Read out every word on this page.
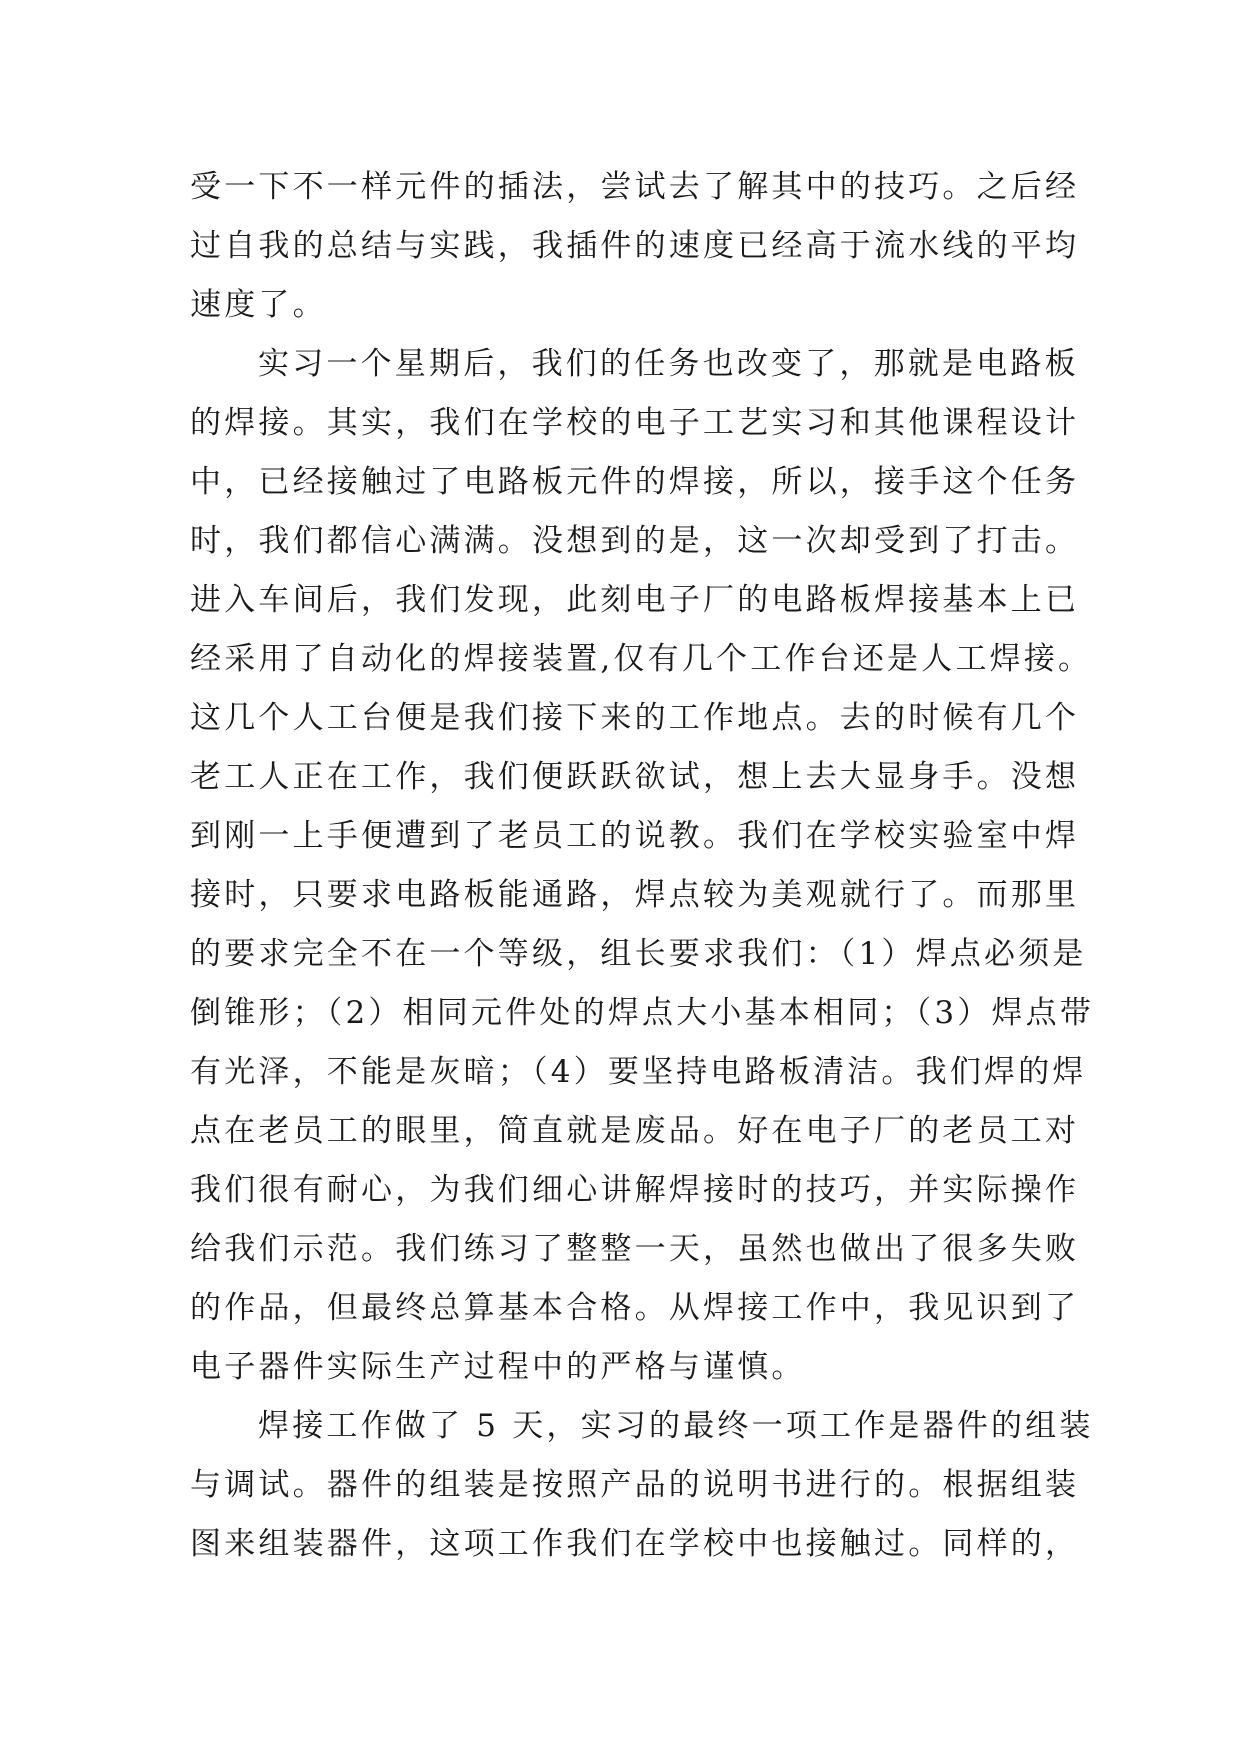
受一下不一样元件的插法，尝试去了解其中的技巧。之后经
过自我的总结与实践，我插件的速度已经高于流水线的平均
速度了。
实习一个星期后，我们的任务也改变了，那就是电路板
的焊接。其实，我们在学校的电子工艺实习和其他课程设计
中，已经接触过了电路板元件的焊接，所以，接手这个任务
时，我们都信心满满。没想到的是，这一次却受到了打击。
进入车间后，我们发现，此刻电子厂的电路板焊接基本上已
经采用了自动化的焊接装置,仅有几个工作台还是人工焊接。
这几个人工台便是我们接下来的工作地点。去的时候有几个
老工人正在工作，我们便跃跃欲试，想上去大显身手。没想
到刚一上手便遭到了老员工的说教。我们在学校实验室中焊
接时，只要求电路板能通路，焊点较为美观就行了。而那里
的要求完全不在一个等级，组长要求我们：（1）焊点必须是
倒锥形；（2）相同元件处的焊点大小基本相同；（3）焊点带
有光泽，不能是灰暗；（4）要坚持电路板清洁。我们焊的焊
点在老员工的眼里，简直就是废品。好在电子厂的老员工对
我们很有耐心，为我们细心讲解焊接时的技巧，并实际操作
给我们示范。我们练习了整整一天，虽然也做出了很多失败
的作品，但最终总算基本合格。从焊接工作中，我见识到了
电子器件实际生产过程中的严格与谨慎。
焊接工作做了 5 天，实习的最终一项工作是器件的组装
与调试。器件的组装是按照产品的说明书进行的。根据组装
图来组装器件，这项工作我们在学校中也接触过。同样的，
